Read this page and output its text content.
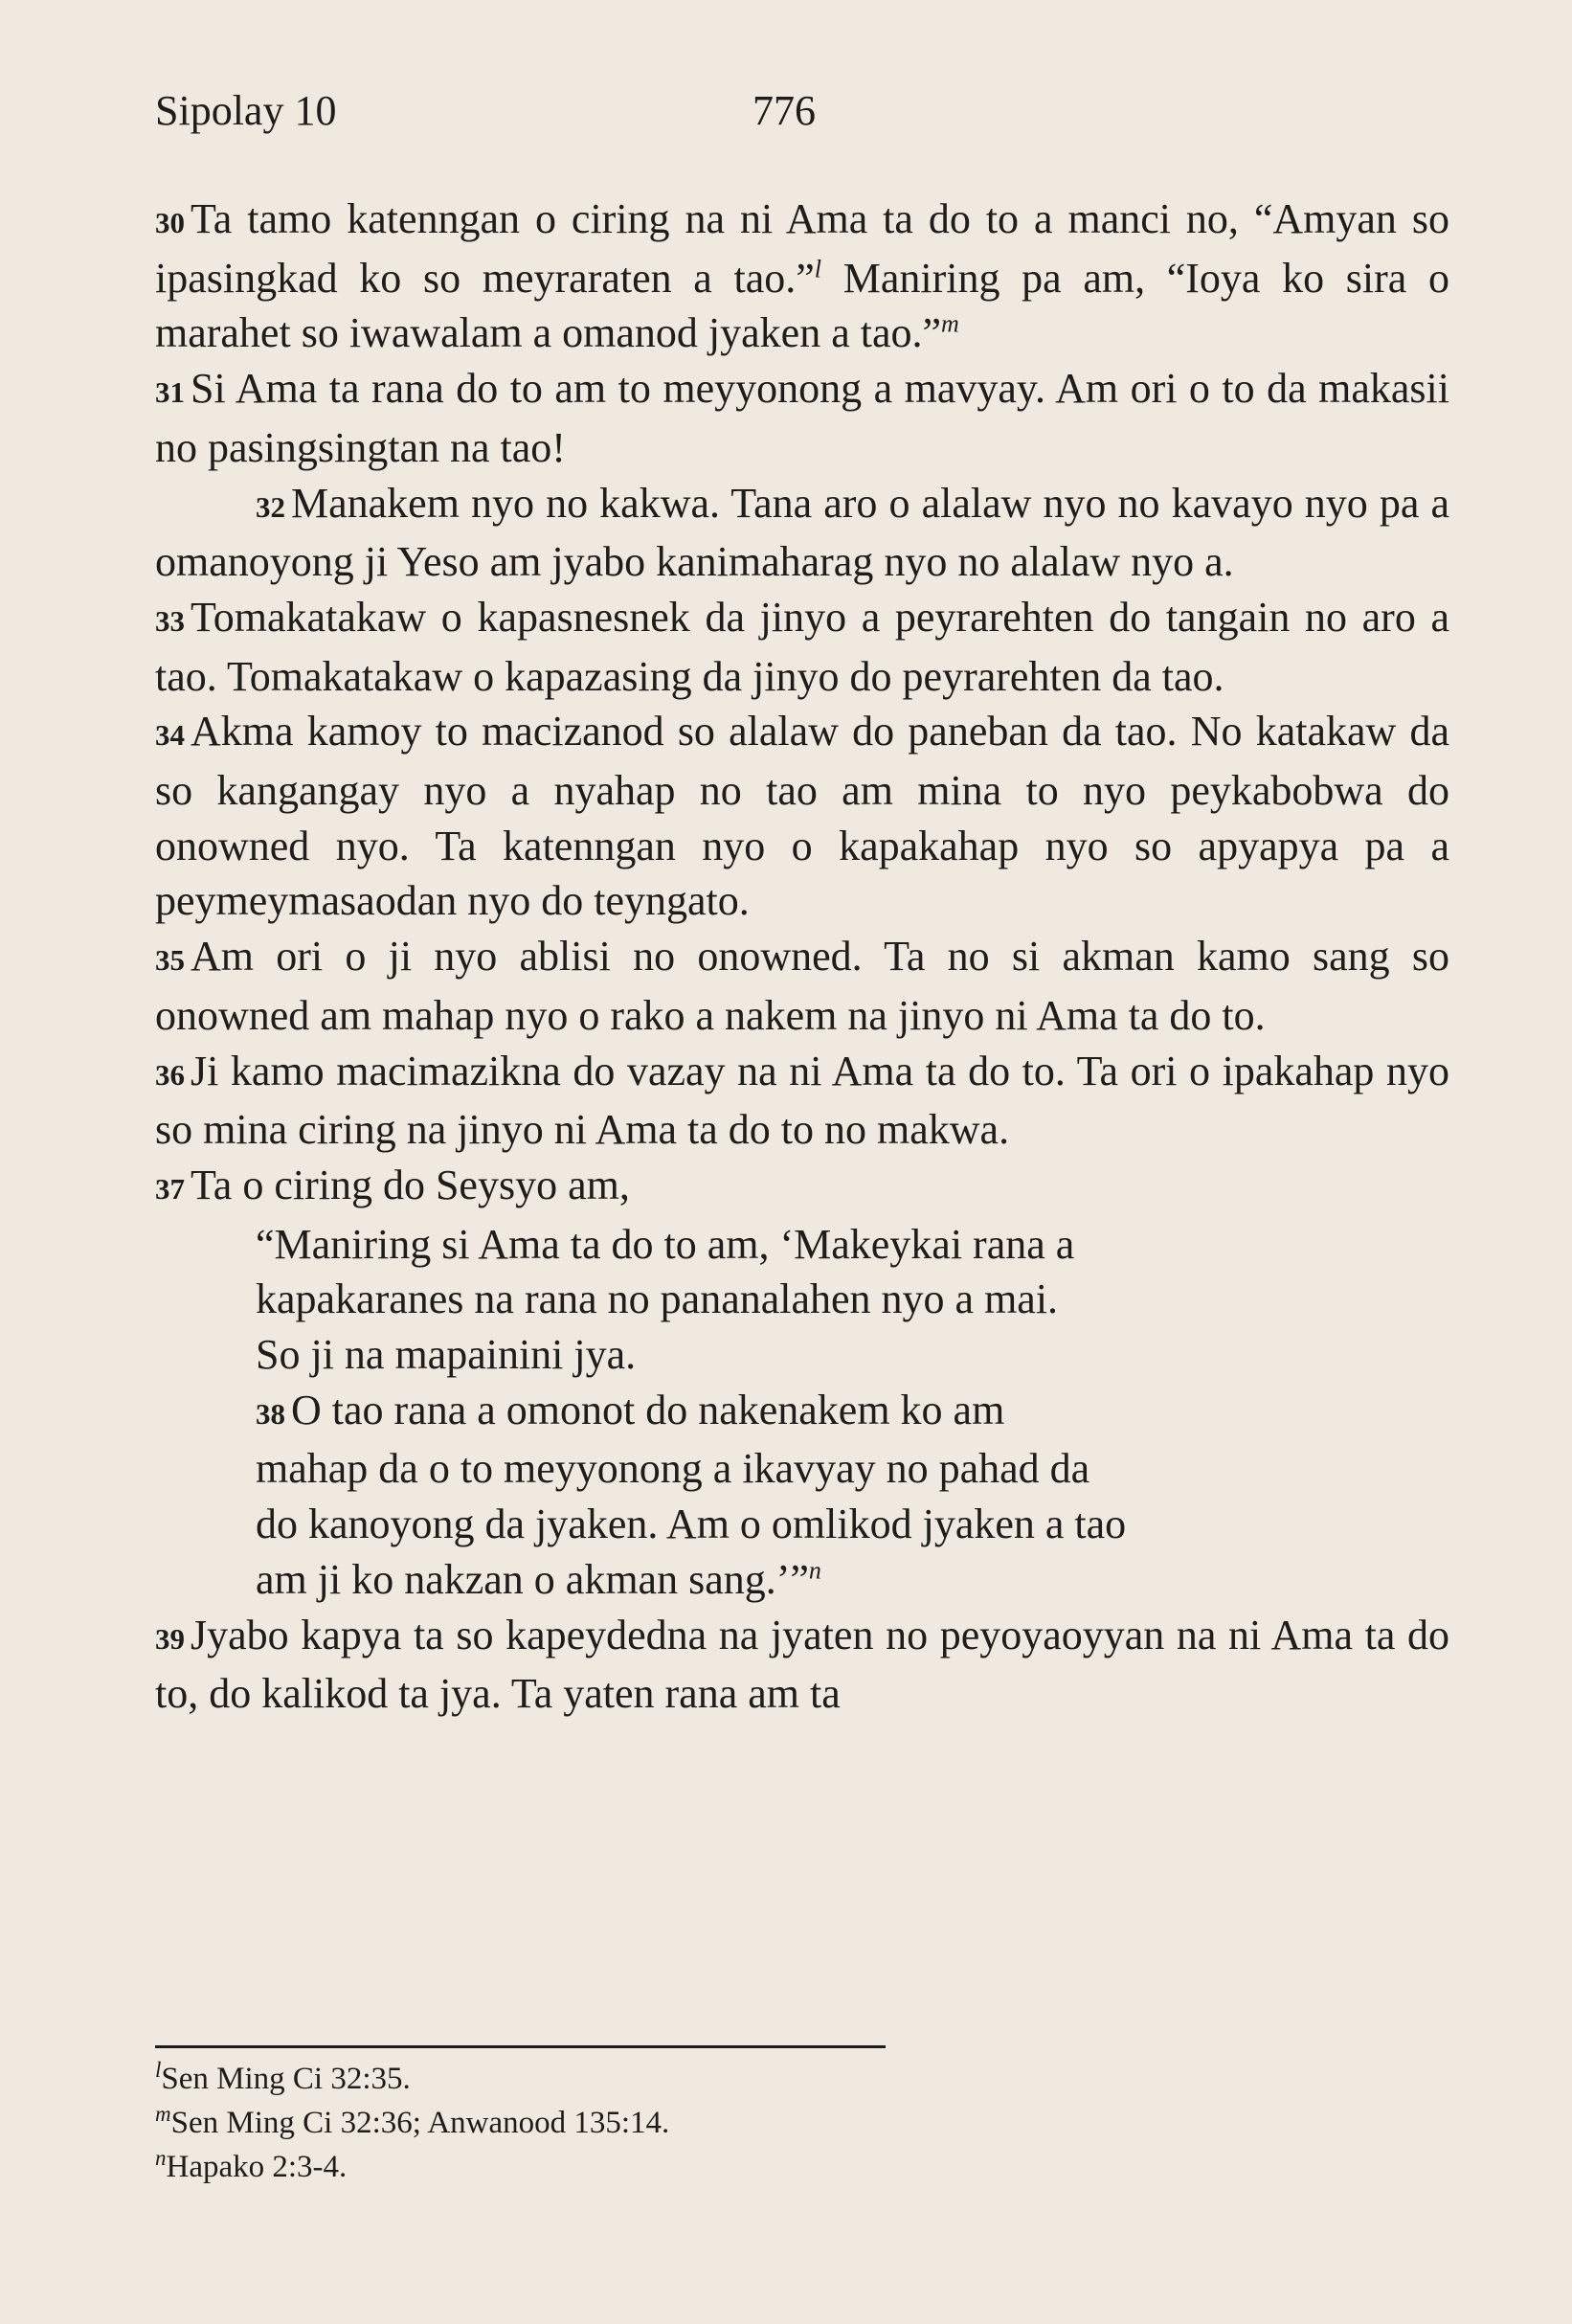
Sipolay 10	776

30 Ta tamo katenngan o ciring na ni Ama ta do to a manci no, “Amyan so ipasingkad ko so meyraraten a tao.”$^l$ Maniring pa am, “Ioya ko sira o marahet so iwawalam a omanod jyaken a tao.”$^m$

31 Si Ama ta rana do to am to meyyonong a mavyay. Am ori o to da makasii no pasingsingtan na tao!

32 Manakem nyo no kakwa. Tana aro o alalaw nyo no kavayo nyo pa a omanoyong ji Yeso am jyabo kanimaharag nyo no alalaw nyo a.

33 Tomakatakaw o kapasnesnek da jinyo a peyrarehten do tangain no aro a tao. Tomakatakaw o kapazasing da jinyo do peyrarehten da tao.

34 Akma kamoy to macizanod so alalaw do paneban da tao. No katakaw da so kangangay nyo a nyahap no tao am mina to nyo peykabobwa do onowned nyo. Ta katenngan nyo o kapakahap nyo so apyapya pa a peymeymasaodan nyo do teyngato.

35 Am ori o ji nyo ablisi no onowned. Ta no si akman kamo sang so onowned am mahap nyo o rako a nakem na jinyo ni Ama ta do to.

36 Ji kamo macimazikna do vazay na ni Ama ta do to. Ta ori o ipakahap nyo so mina ciring na jinyo ni Ama ta do to no makwa.

37 Ta o ciring do Seysyo am,

“Maniring si Ama ta do to am, ‘Makeykai rana a

kapakaranes na rana no pananalahen nyo a mai.

So ji na mapainini jya.

38 O tao rana a omonot do nakenakem ko am

mahap da o to meyyonong a ikavyay no pahad da

do kanoyong da jyaken. Am o omlikod jyaken a tao

am ji ko nakzan o akman sang.’”$^n$

39 Jyabo kapya ta so kapeydedna na jyaten no peyoyaoyyan na ni Ama ta do to, do kalikod ta jya. Ta yaten rana am ta

$^l$Sen Ming Ci 32:35.

$^m$Sen Ming Ci 32:36; Anwanood 135:14.

$^n$Hapako 2:3-4.
